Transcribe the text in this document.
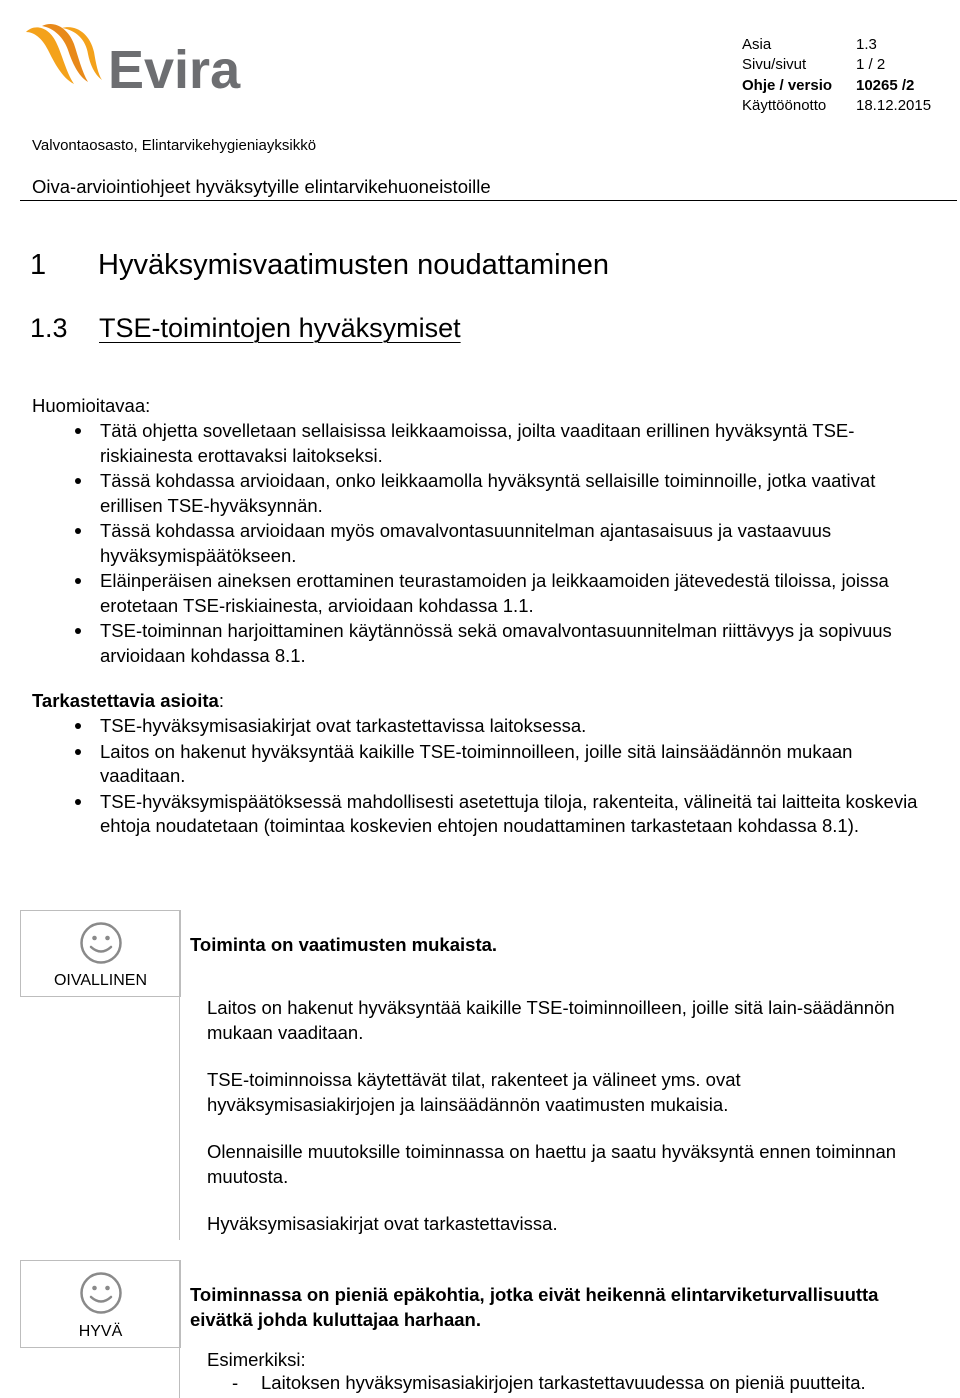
Evira	Asia	1.3
Sivu/sivut	1 / 2
Ohje / versio	10265 /2
Käyttöönotto	18.12.2015
Valvontaosasto, Elintarvikehygieniayksikkö
Oiva-arviointiohjeet hyväksytyille elintarvikehuoneistoille
1 Hyväksymisvaatimusten noudattaminen
1.3 TSE-toimintojen hyväksymiset
Huomioitavaa:
Tätä ohjetta sovelletaan sellaisissa leikkaamoissa, joilta vaaditaan erillinen hyväksyntä TSE-riskiainesta erottavaksi laitokseksi.
Tässä kohdassa arvioidaan, onko leikkaamolla hyväksyntä sellaisille toiminnoille, jotka vaativat erillisen TSE-hyväksynnän.
Tässä kohdassa arvioidaan myös omavalvontasuunnitelman ajantasaisuus ja vastaavuus hyväksymispäätökseen.
Eläinperäisen aineksen erottaminen teurastamoiden ja leikkaamoiden jätevedestä tiloissa, joissa erotetaan TSE-riskiainesta, arvioidaan kohdassa 1.1.
TSE-toiminnan harjoittaminen käytännössä sekä omavalvontasuunnitelman riittävyys ja sopivuus arvioidaan kohdassa 8.1.
Tarkastettavia asioita:
TSE-hyväksymisasiakirjat ovat tarkastettavissa laitoksessa.
Laitos on hakenut hyväksyntää kaikille TSE-toiminnoilleen, joille sitä lainsäädännön mukaan vaaditaan.
TSE-hyväksymispäätöksessä mahdollisesti asetettuja tiloja, rakenteita, välineitä tai laitteita koskevia ehtoja noudatetaan (toimintaa koskevien ehtojen noudattaminen tarkastetaan kohdassa 8.1).
OIVALLINEN
Toiminta on vaatimusten mukaista.

Laitos on hakenut hyväksyntää kaikille TSE-toiminnoilleen, joille sitä lain-säädännön mukaan vaaditaan.

TSE-toiminnoissa käytettävät tilat, rakenteet ja välineet yms. ovat hyväksymisasiakirjojen ja lainsäädännön vaatimusten mukaisia.

Olennaisille muutoksille toiminnassa on haettu ja saatu hyväksyntä ennen toiminnan muutosta.

Hyväksymisasiakirjat ovat tarkastettavissa.

HYVÄ
Toiminnassa on pieniä epäkohtia, jotka eivät heikennä elintarviketurvallisuutta eivätkä johda kuluttajaa harhaan.
Esimerkiksi:
- Laitoksen hyväksymisasiakirjojen tarkastettavuudessa on pieniä puutteita.
